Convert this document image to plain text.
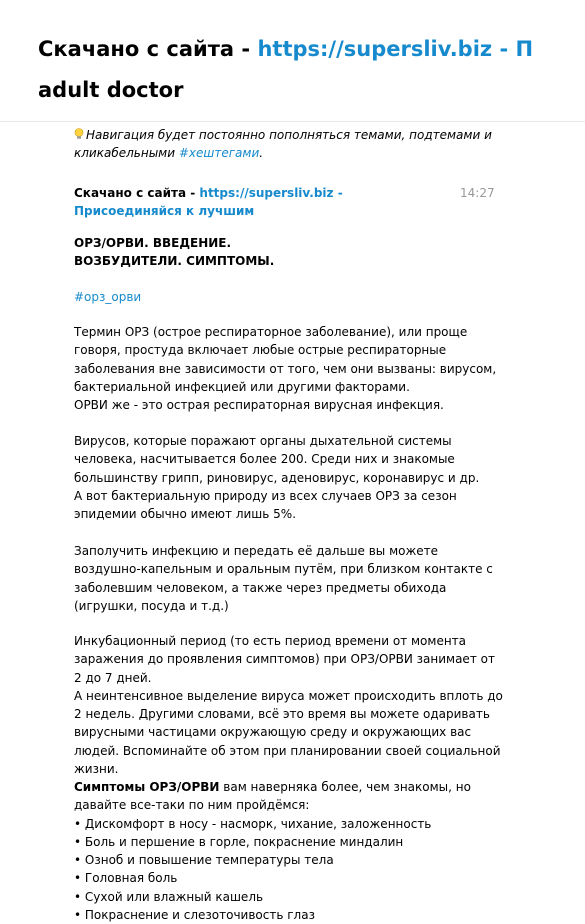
Скачано с сайта - https://supersliv.biz - П
adult doctor
Навигация будет постоянно пополняться темами, подтемами и кликабельными #хештегами.
Скачано с сайта - https://supersliv.biz - Присоединяйся к лучшим
14:27
ОРЗ/ОРВИ. ВВЕДЕНИЕ.
ВОЗБУДИТЕЛИ. СИМПТОМЫ.
#орз_орви
Термин ОРЗ (острое респираторное заболевание), или проще говоря, простуда включает любые острые респираторные заболевания вне зависимости от того, чем они вызваны: вирусом, бактериальной инфекцией или другими факторами.
ОРВИ же - это острая респираторная вирусная инфекция.
Вирусов, которые поражают органы дыхательной системы человека, насчитывается более 200. Среди них и знакомые большинству грипп, риновирус, аденовирус, коронавирус и др.
А вот бактериальную природу из всех случаев ОРЗ за сезон эпидемии обычно имеют лишь 5%.
Заполучить инфекцию и передать её дальше вы можете воздушно-капельным и оральным путём, при близком контакте с заболевшим человеком, а также через предметы обихода (игрушки, посуда и т.д.)
Инкубационный период (то есть период времени от момента заражения до проявления симптомов) при ОРЗ/ОРВИ занимает от 2 до 7 дней.
А неинтенсивное выделение вируса может происходить вплоть до 2 недель. Другими словами, всё это время вы можете одаривать вирусными частицами окружающую среду и окружающих вас людей. Вспоминайте об этом при планировании своей социальной жизни.
Симптомы ОРЗ/ОРВИ вам наверняка более, чем знакомы, но давайте все-таки по ним пройдёмся:
• Дискомфорт в носу - насморк, чихание, заложенность
• Боль и першение в горле, покраснение миндалин
• Озноб и повышение температуры тела
• Головная боль
• Сухой или влажный кашель
• Покраснение и слезоточивость глаз
